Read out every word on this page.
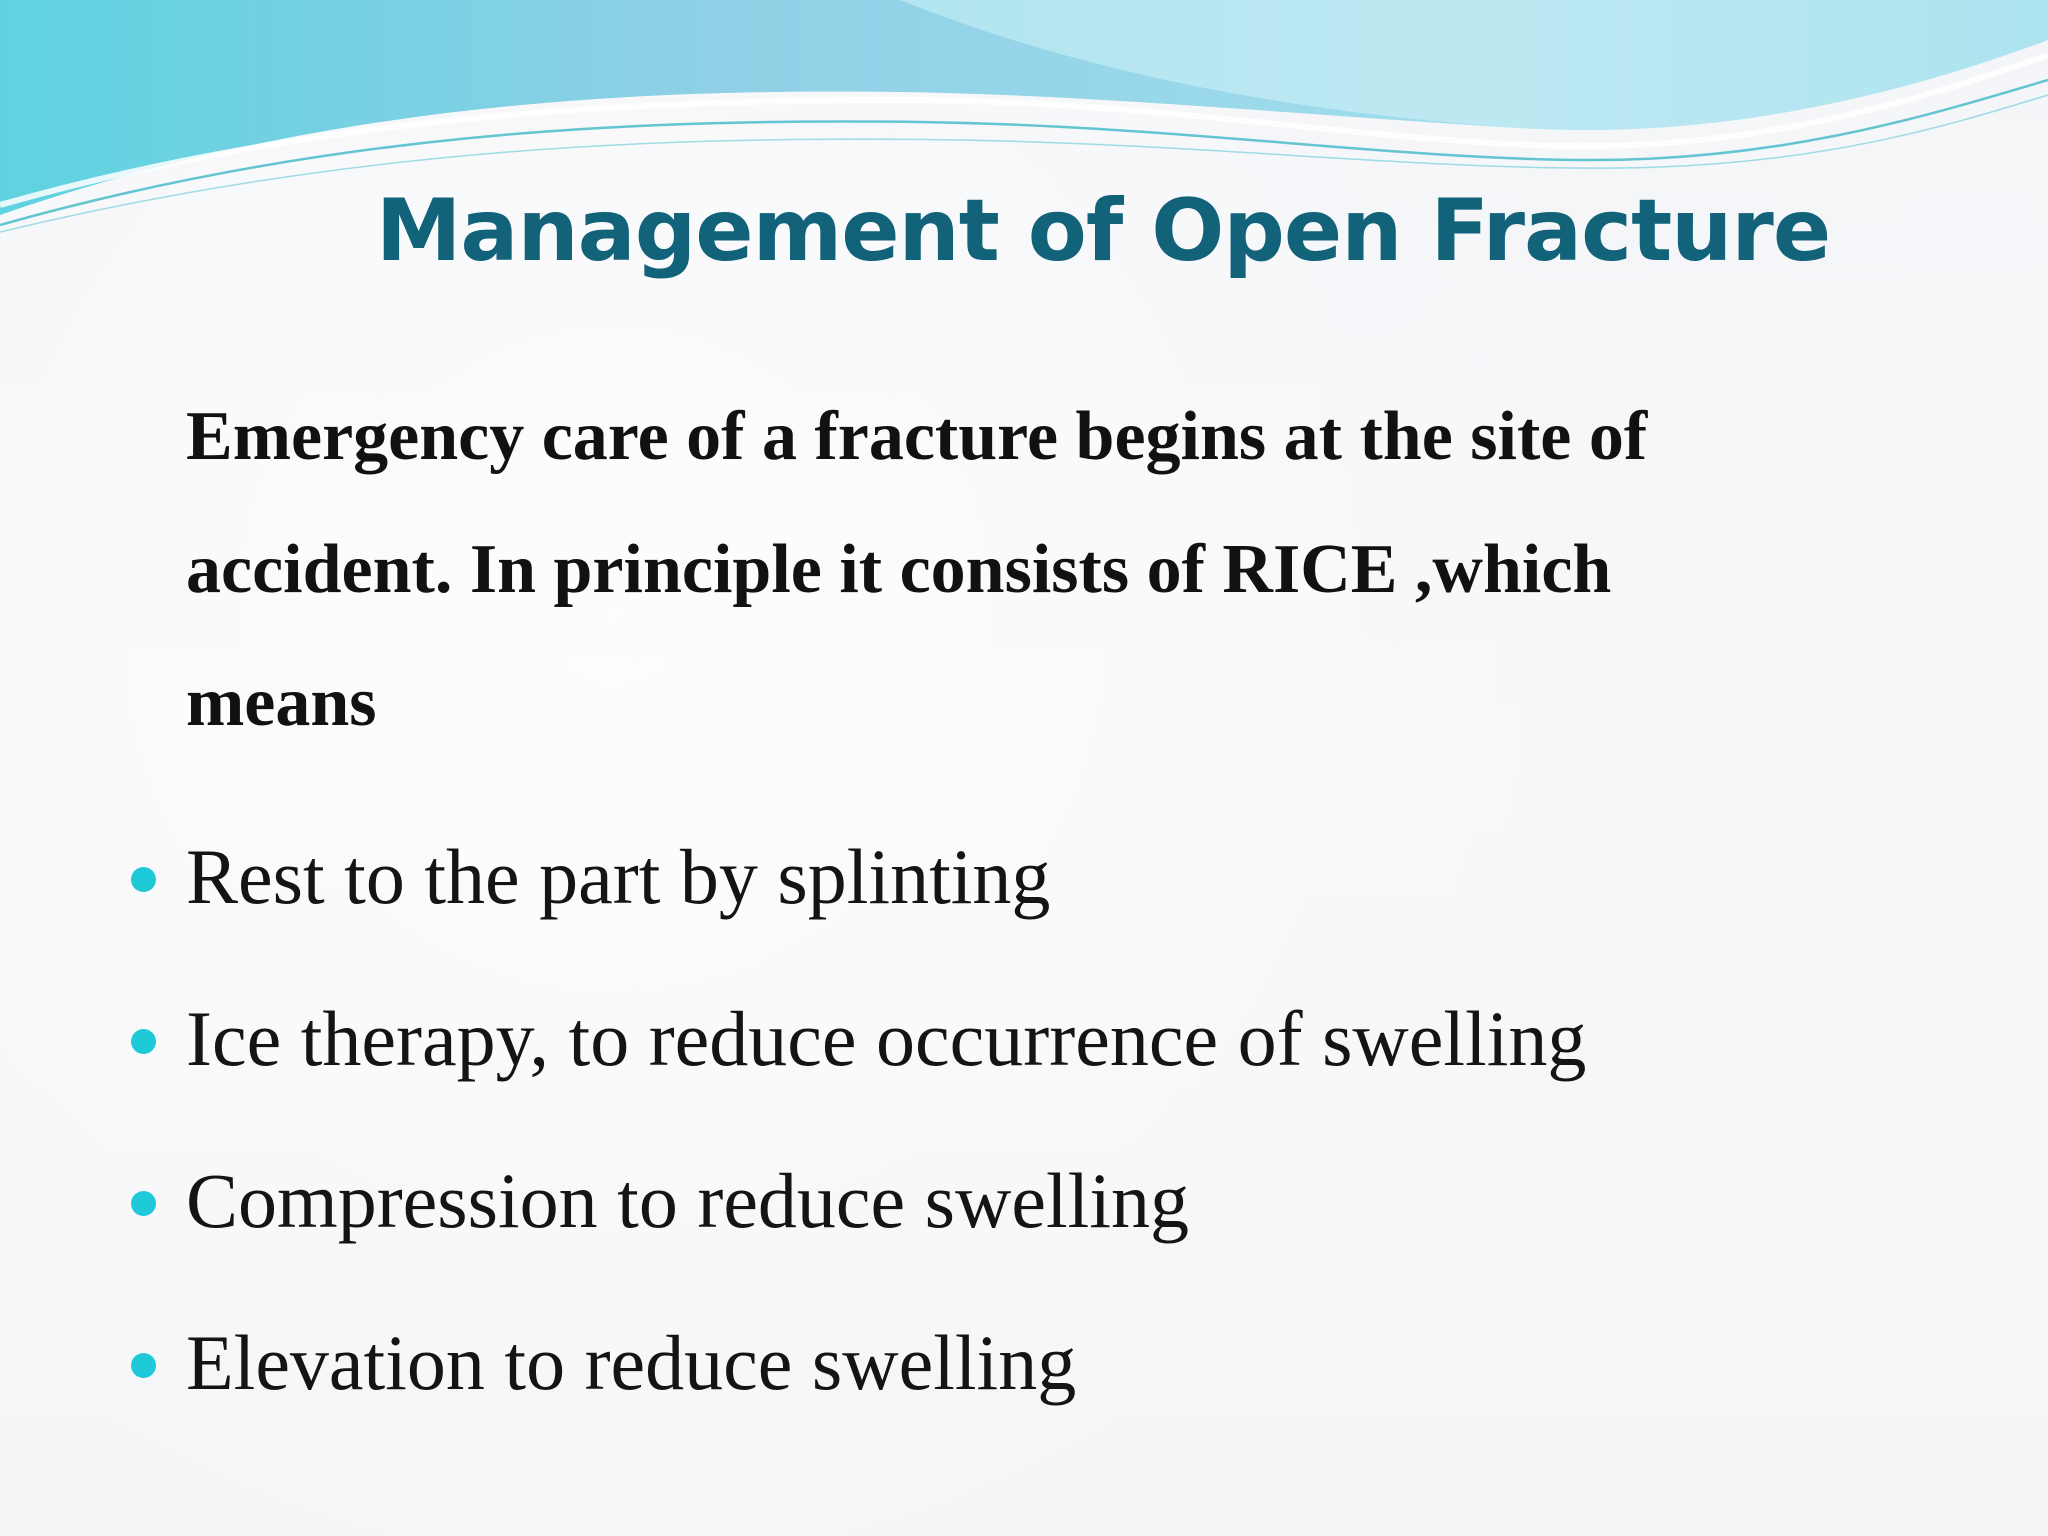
Management of Open Fracture
Emergency care of a fracture begins at the site of
accident. In principle it consists of RICE ,which
means
Rest to the part by splinting
Ice therapy, to reduce occurrence of swelling
Compression to reduce swelling
Elevation to reduce swelling
